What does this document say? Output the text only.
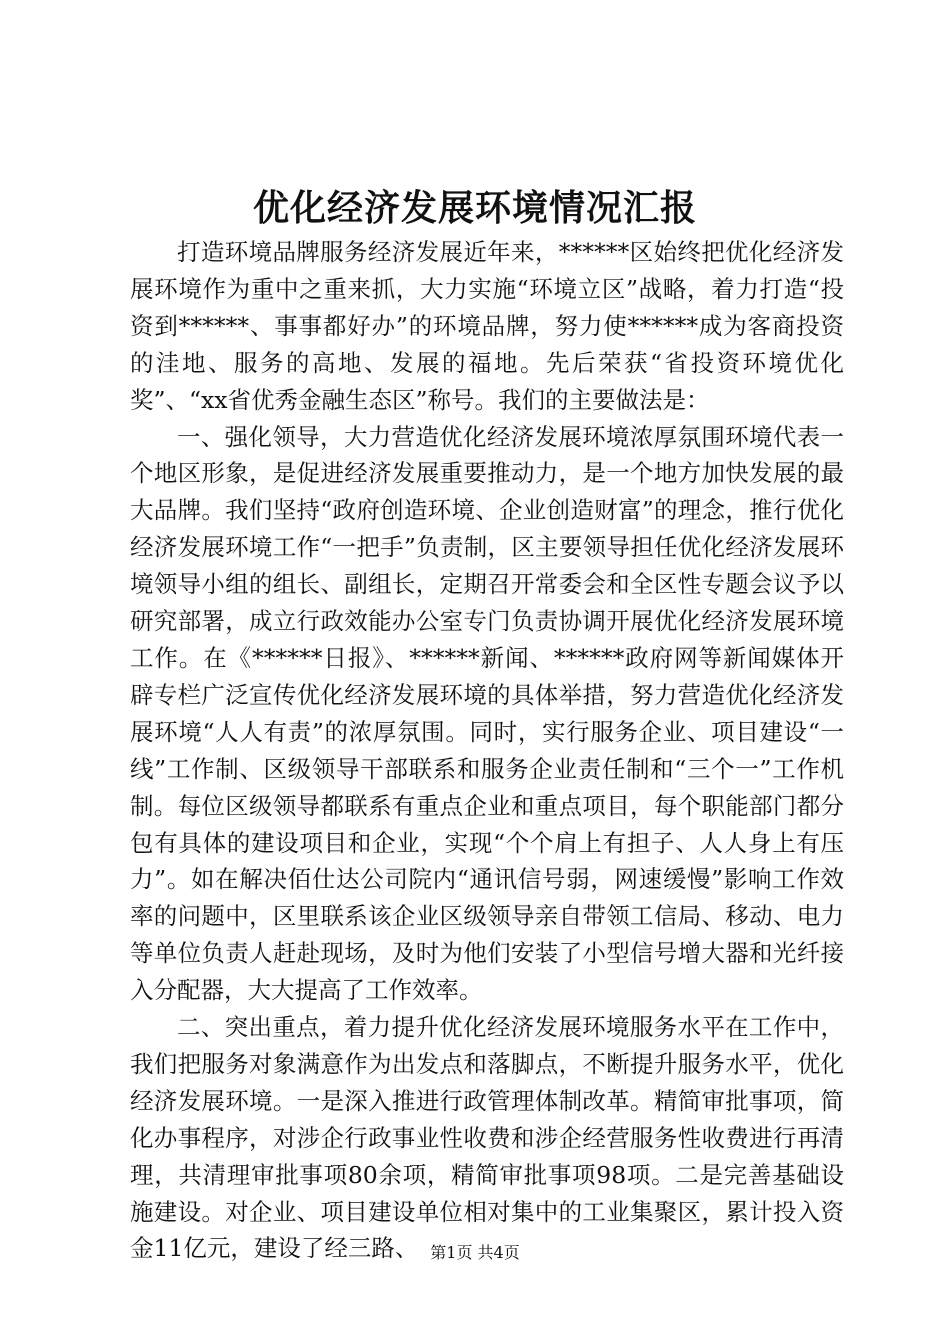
优化经济发展环境情况汇报

打造环境品牌服务经济发展近年来，******区始终把优化经济发展环境作为重中之重来抓，大力实施“环境立区”战略，着力打造“投资到******、事事都好办”的环境品牌，努力使******成为客商投资的洼地、服务的高地、发展的福地。先后荣获“省投资环境优化奖”、“xx省优秀金融生态区”称号。我们的主要做法是：

一、强化领导，大力营造优化经济发展环境浓厚氛围环境代表一个地区形象，是促进经济发展重要推动力，是一个地方加快发展的最大品牌。我们坚持“政府创造环境、企业创造财富”的理念，推行优化经济发展环境工作“一把手”负责制，区主要领导担任优化经济发展环境领导小组的组长、副组长，定期召开常委会和全区性专题会议予以研究部署，成立行政效能办公室专门负责协调开展优化经济发展环境工作。在《******日报》、******新闻、******政府网等新闻媒体开辟专栏广泛宣传优化经济发展环境的具体举措，努力营造优化经济发展环境“人人有责”的浓厚氛围。同时，实行服务企业、项目建设“一线”工作制、区级领导干部联系和服务企业责任制和“三个一”工作机制。每位区级领导都联系有重点企业和重点项目，每个职能部门都分包有具体的建设项目和企业，实现“个个肩上有担子、人人身上有压力”。如在解决佰仕达公司院内“通讯信号弱，网速缓慢”影响工作效率的问题中，区里联系该企业区级领导亲自带领工信局、移动、电力等单位负责人赶赴现场，及时为他们安装了小型信号增大器和光纤接入分配器，大大提高了工作效率。

二、突出重点，着力提升优化经济发展环境服务水平在工作中，我们把服务对象满意作为出发点和落脚点，不断提升服务水平，优化经济发展环境。一是深入推进行政管理体制改革。精简审批事项，简化办事程序，对涉企行政事业性收费和涉企经营服务性收费进行再清理，共清理审批事项80余项，精简审批事项98项。二是完善基础设施建设。对企业、项目建设单位相对集中的工业集聚区，累计投入资金11亿元，建设了经三路、 第1页 共4页
